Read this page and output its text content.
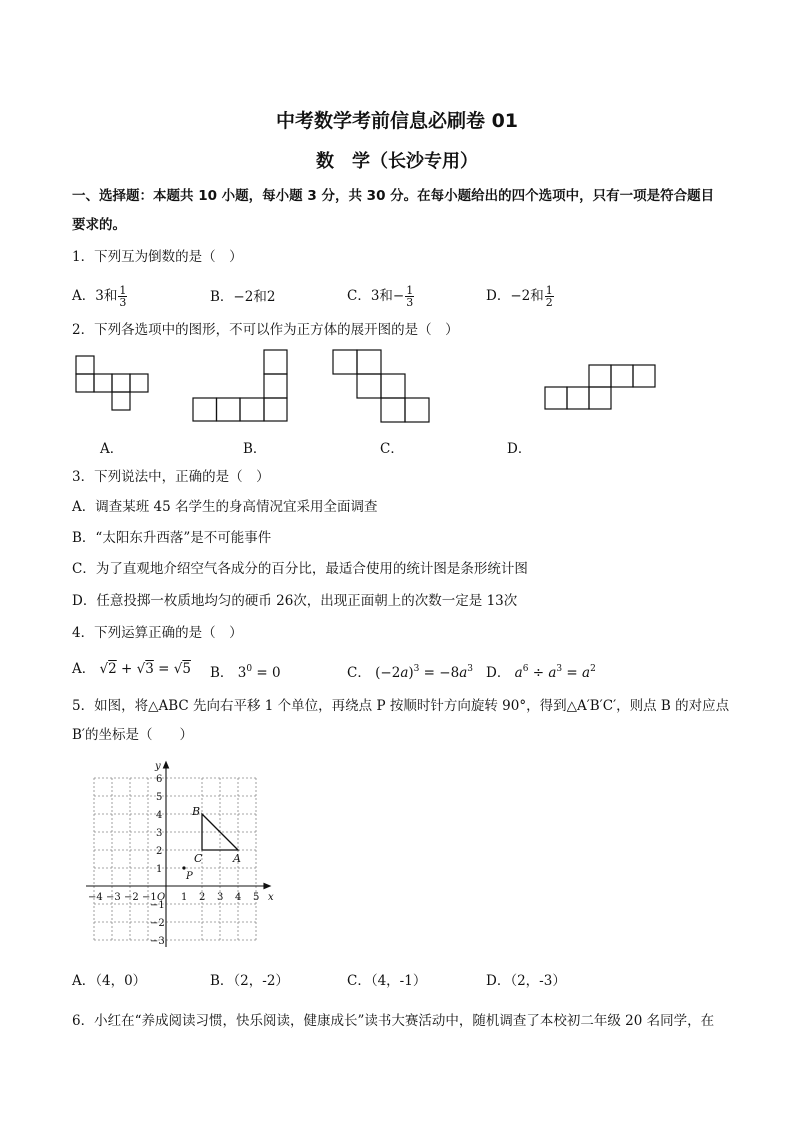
中考数学考前信息必刷卷 01
数　学（长沙专用）
一、选择题：本题共 10 小题，每小题 3 分，共 30 分。在每小题给出的四个选项中，只有一项是符合题目
要求的。
1．下列互为倒数的是（　）
A．3和 $\frac{1}{3}$	B．−2和2	C．3和− $\frac{1}{3}$	D．−2和 $\frac{1}{2}$
2．下列各选项中的图形，不可以作为正方体的展开图的是（　）
A．	B．	C．	D．
3．下列说法中，正确的是（　）
A．调查某班 45 名学生的身高情况宜采用全面调查
B．“太阳东升西落”是不可能事件
C．为了直观地介绍空气各成分的百分比，最适合使用的统计图是条形统计图
D．任意投掷一枚质地均匀的硬币 26次，出现正面朝上的次数一定是 13次
4．下列运算正确的是（　）
A． √2 + √3 = √5 B． $3^0 = 0$	C． $(-2a)^3 = -8a^3$ D． $a^6 \div a^3 = a^2$
5．如图，将△ABC 先向右平移 1 个单位，再绕点 P 按顺时针方向旋转 90°，得到△A′B′C′，则点 B 的对应点
B′的坐标是（　　）
−4 −3 −2 −1 O 1 2 3 4 5 x
6
5
4
3
2
1
−1
−2
−3
y
B
C	A
P
A．（4，0）	B．（2，-2）	C．（4，-1）	D．（2，-3）
6．小红在“养成阅读习惯，快乐阅读，健康成长”读书大赛活动中，随机调查了本校初二年级 20 名同学，在
